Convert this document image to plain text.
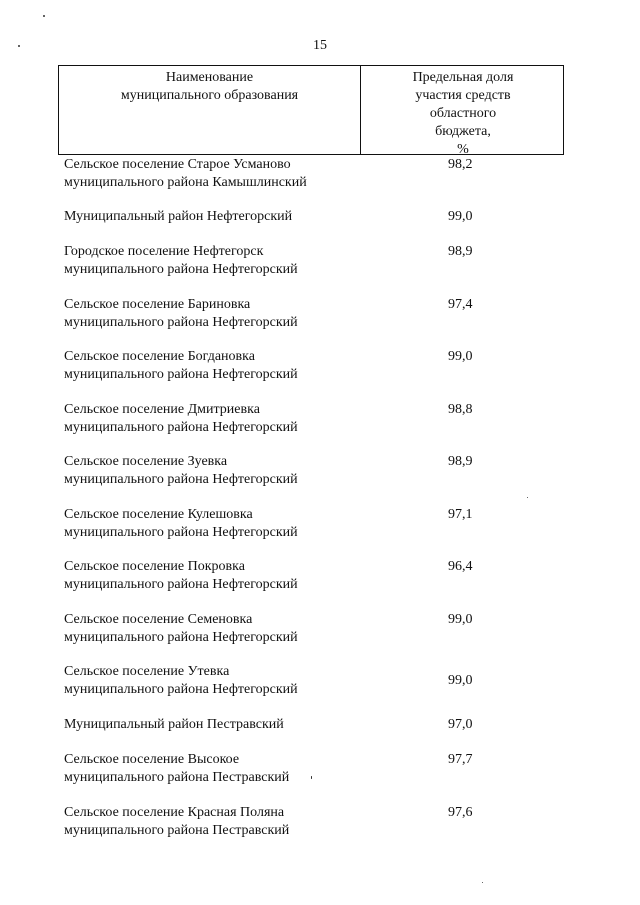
15
Наименование
муниципального образования
Предельная доля
участия средств
областного
бюджета,
%
Сельское поселение Старое Усманово
муниципального района Камышлинский
98,2
Муниципальный район Нефтегорский	99,0
Городское поселение Нефтегорск
муниципального района Нефтегорский
98,9
Сельское поселение Бариновка
муниципального района Нефтегорский
97,4
Сельское поселение Богдановка
муниципального района Нефтегорский
99,0
Сельское поселение Дмитриевка
муниципального района Нефтегорский
98,8
Сельское поселение Зуевка
муниципального района Нефтегорский
98,9
Сельское поселение Кулешовка
муниципального района Нефтегорский
97,1
Сельское поселение Покровка
муниципального района Нефтегорский
96,4
Сельское поселение Семеновка
муниципального района Нефтегорский
99,0
Сельское поселение Утевка
муниципального района Нефтегорский
99,0
Муниципальный район Пестравский	97,0
Сельское поселение Высокое
муниципального района Пестравский
97,7
Сельское поселение Красная Поляна
муниципального района Пестравский
97,6
